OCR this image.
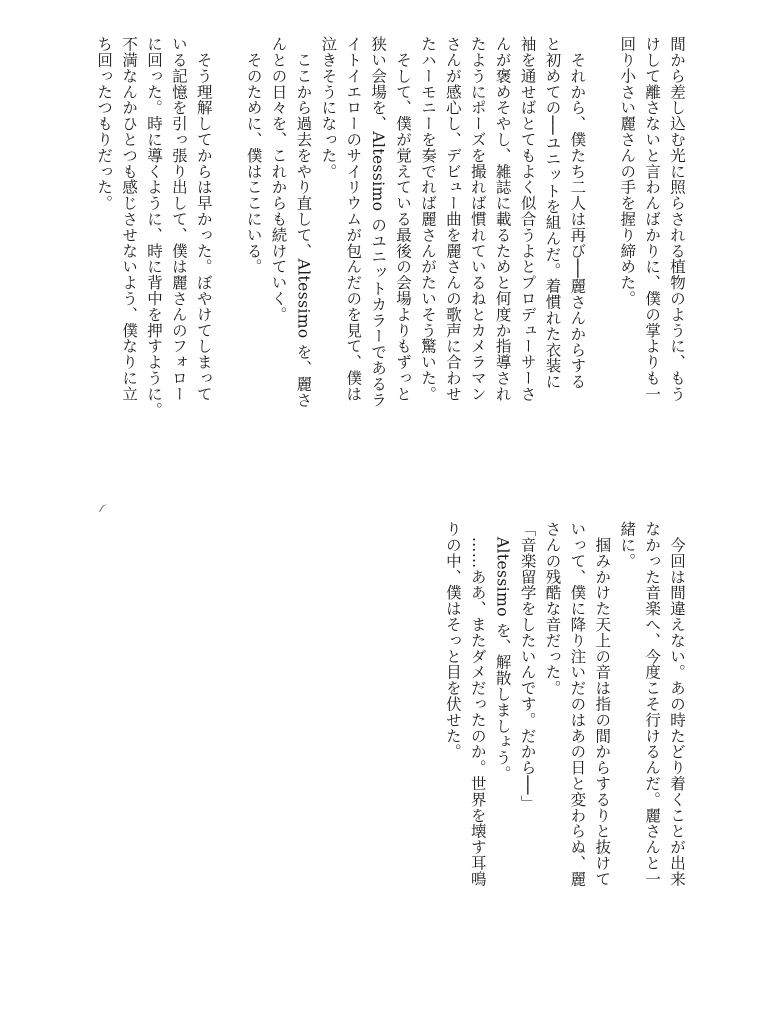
間から差し込む光に照らされる植物のように、もう

けして離さないと言わんばかりに、僕の掌よりも一

回り小さい麗さんの手を握り締めた。

　それから、僕たち二人は再び──麗さんからする

と初めての──ユニットを組んだ。着慣れた衣装に

袖を通せばとてもよく似合うよとプロデューサーさ

んが褒めそやし、雑誌に載るためと何度か指導され

たようにポーズを撮れば慣れているねとカメラマン

さんが感心し、デビュー曲を麗さんの歌声に合わせ

たハーモニーを奏でれば麗さんがたいそう驚いた。

　そして、僕が覚えている最後の会場よりもずっと

狭い会場を、Altessimo のユニットカラーであるラ

イトイエローのサイリウムが包んだのを見て、僕は

泣きそうになった。

　ここから過去をやり直して、Altessimo を、麗さ

んとの日々を、これからも続けていく。

　そのために、僕はここにいる。

　そう理解してからは早かった。ぼやけてしまって

いる記憶を引っ張り出して、僕は麗さんのフォロー

に回った。時に導くように、時に背中を押すように。

不満なんかひとつも感じさせないよう、僕なりに立

ち回ったつもりだった。

　今回は間違えない。あの時たどり着くことが出来

なかった音楽へ、今度こそ行けるんだ。麗さんと一

緒に。

　掴みかけた天上の音は指の間からするりと抜けて

いって、僕に降り注いだのはあの日と変わらぬ、麗

さんの残酷な音だった。

「音楽留学をしたいんです。だから──」

　Altessimo を、解散しましょう。

　……ああ、またダメだったのか。世界を壊す耳鳴

りの中、僕はそっと目を伏せた。
